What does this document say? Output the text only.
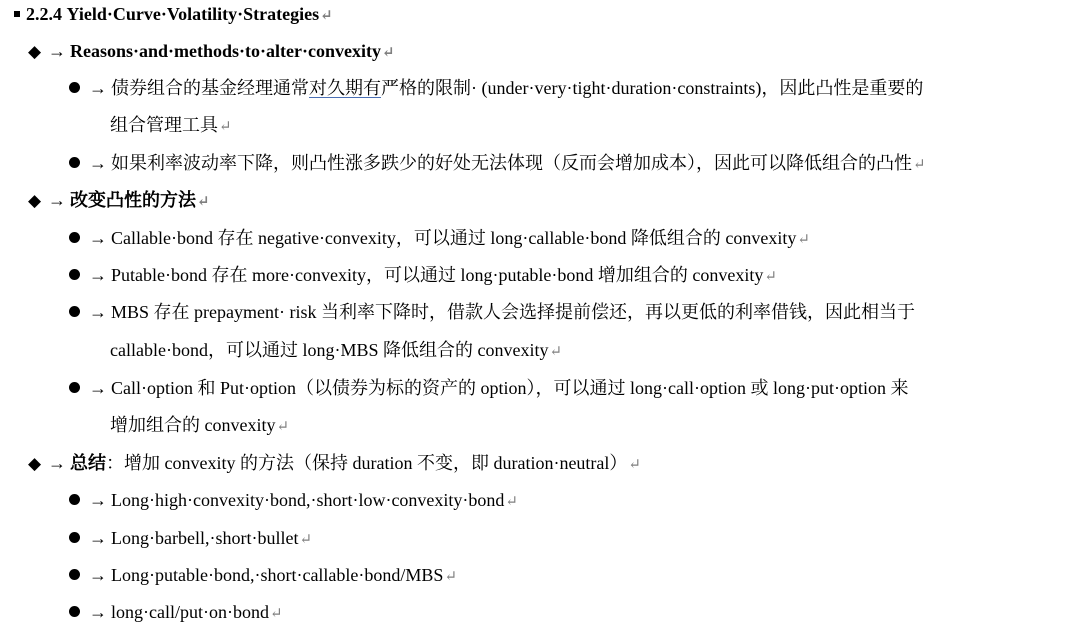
2.2.4 Yield·Curve·Volatility·Strategies↵
◆ → Reasons·and·methods·to·alter·convexity↵
→ 债券组合的基金经理通常对久期有严格的限制· (under·very·tight·duration·constraints)，因此凸性是重要的
组合管理工具↵
→ 如果利率波动率下降，则凸性涨多跌少的好处无法体现（反而会增加成本），因此可以降低组合的凸性↵
◆ → 改变凸性的方法↵
→ Callable·bond 存在 negative·convexity，可以通过 long·callable·bond 降低组合的 convexity↵
→ Putable·bond 存在 more·convexity，可以通过 long·putable·bond 增加组合的 convexity↵
→ MBS 存在 prepayment· risk 当利率下降时，借款人会选择提前偿还，再以更低的利率借钱，因此相当于
callable·bond，可以通过 long·MBS 降低组合的 convexity↵
→ Call·option 和 Put·option（以债券为标的资产的 option），可以通过 long·call·option 或 long·put·option 来
增加组合的 convexity↵
◆ → 总结：增加 convexity 的方法（保持 duration 不变，即 duration·neutral）↵
→ Long·high·convexity·bond,·short·low·convexity·bond↵
→ Long·barbell,·short·bullet↵
→ Long·putable·bond,·short·callable·bond/MBS↵
→ long·call/put·on·bond↵
